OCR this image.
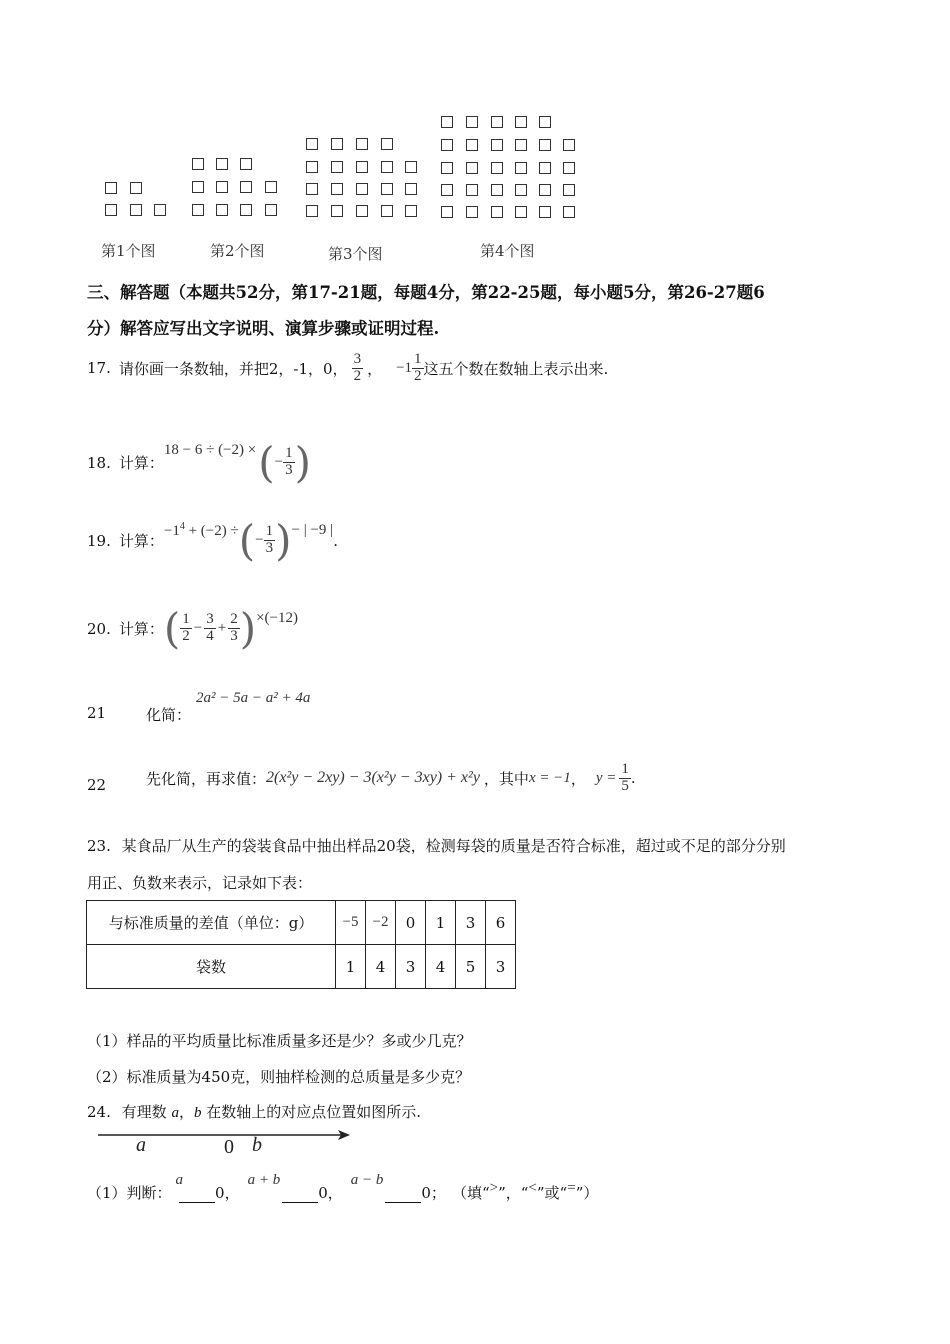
第1个图	第2个图	第3个图	第4个图
三、解答题（本题共52分，第17-21题，每题4分，第22-25题，每小题5分，第26-27题6
分）解答应写出文字说明、演算步骤或证明过程.
17. 请你画一条数轴，并把2，-1，0， $\frac{3}{2}$ ， $-1 \frac{1}{2}$ 这五个数在数轴上表示出来.
18. 计算：
18 − 6 ÷ (−2) × ( − $\frac{1}{3}$ )
19. 计算：
$-1^4 + (-2)$ ÷ ( − $\frac{1}{3}$ ) − | −9 |
.
20. 计算： ( $\frac{1}{2} - \frac{3}{4} + \frac{2}{3}$ ) ×(−12)
21	化简：
2a² − 5a − a² + 4a
22	先化简，再求值： 2(x²y − 2xy) − 3(x²y − 3xy) + x²y ，其中 x = −1 ， $y = \frac{1}{5}$ .
23. 某食品厂从生产的袋装食品中抽出样品20袋，检测每袋的质量是否符合标准，超过或不足的部分分别
用正、负数来表示，记录如下表：
与标准质量的差值（单位：g）	−5	−2	0	1	3	6
袋数	1	4	3	4	5	3
（1）样品的平均质量比标准质量多还是少？多或少几克？
（2）标准质量为450克，则抽样检测的总质量是多少克？
24. 有理数 a，b 在数轴上的对应点位置如图所示.
a	0 b
（1）判断：
a
0，
a + b
0，
a − b
0； （填“ > ”，“ < ”或“ = ”）
